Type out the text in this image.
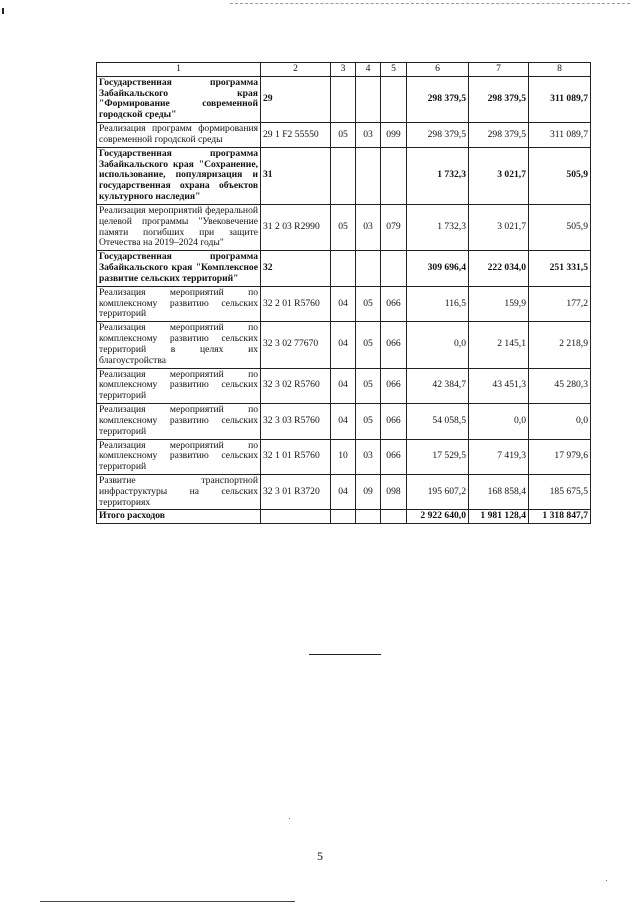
1	2	3	4	5	6	7	8
Государственная программа Забайкальского края "Формирование современной городской среды"	29				298 379,5	298 379,5	311 089,7
Реализация программ формирования современной городской среды	29 1 F2 55550	05	03	099	298 379,5	298 379,5	311 089,7
Государственная программа Забайкальского края "Сохранение, использование, популяризация и государственная охрана объектов культурного наследия"	31				1 732,3	3 021,7	505,9
Реализация мероприятий федеральной целевой программы "Увековечение памяти погибших при защите Отечества на 2019–2024 годы"	31 2 03 R2990	05	03	079	1 732,3	3 021,7	505,9
Государственная программа Забайкальского края "Комплексное развитие сельских территорий"	32				309 696,4	222 034,0	251 331,5
Реализация мероприятий по комплексному развитию сельских территорий	32 2 01 R5760	04	05	066	116,5	159,9	177,2
Реализация мероприятий по комплексному развитию сельских территорий в целях их благоустройства	32 3 02 77670	04	05	066	0,0	2 145,1	2 218,9
Реализация мероприятий по комплексному развитию сельских территорий	32 3 02 R5760	04	05	066	42 384,7	43 451,3	45 280,3
Реализация мероприятий по комплексному развитию сельских территорий	32 3 03 R5760	04	05	066	54 058,5	0,0	0,0
Реализация мероприятий по комплексному развитию сельских территорий	32 1 01 R5760	10	03	066	17 529,5	7 419,3	17 979,6
Развитие транспортной инфраструктуры на сельских территориях	32 3 01 R3720	04	09	098	195 607,2	168 858,4	185 675,5
Итого расходов					2 922 640,0	1 981 128,4	1 318 847,7
5
